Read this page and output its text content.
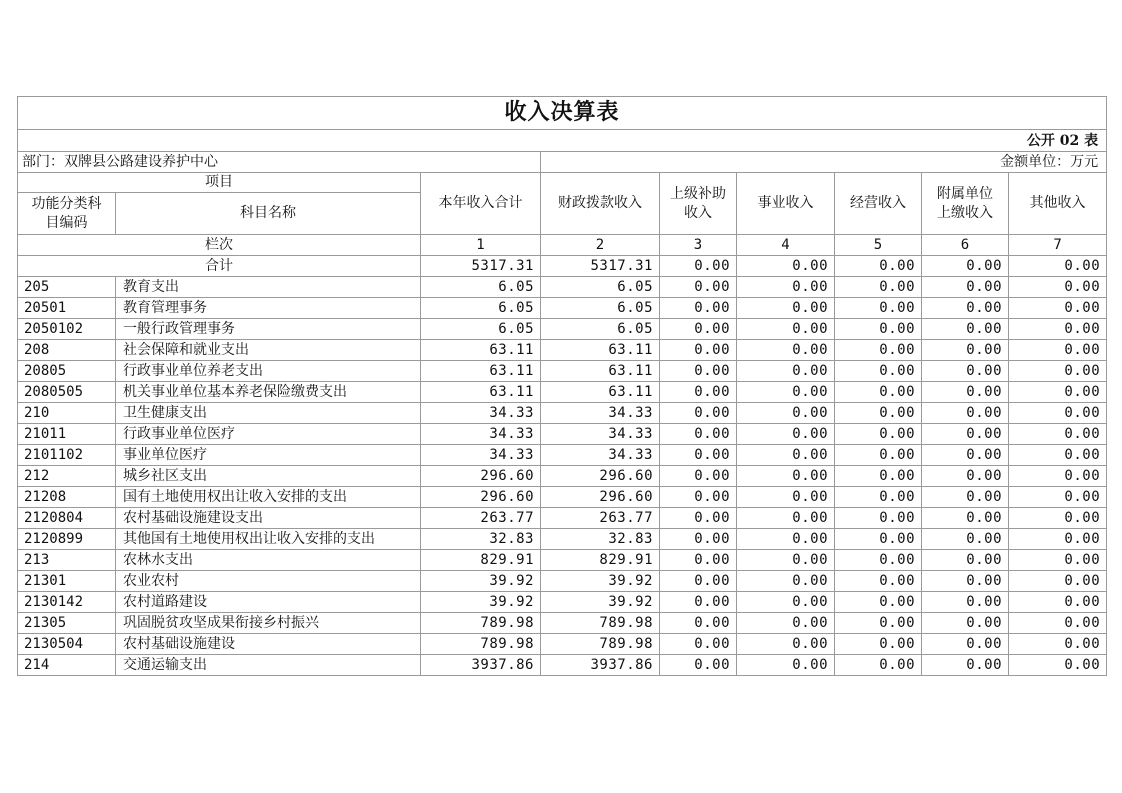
收入决算表								
			公开 02 表					
部门：双牌县公路建设养护中心			金额单位：万元					
项目		本年收入合计	财政拨款收入	上级补助收入	事业收入	经营收入	附属单位上缴收入	其他收入
功能分类科目编码	科目名称							
栏次		1	2	3	4	5	6	7
合计		5317.31	5317.31	0.00	0.00	0.00	0.00	0.00
205	教育支出	6.05	6.05	0.00	0.00	0.00	0.00	0.00
20501	教育管理事务	6.05	6.05	0.00	0.00	0.00	0.00	0.00
2050102	一般行政管理事务	6.05	6.05	0.00	0.00	0.00	0.00	0.00
208	社会保障和就业支出	63.11	63.11	0.00	0.00	0.00	0.00	0.00
20805	行政事业单位养老支出	63.11	63.11	0.00	0.00	0.00	0.00	0.00
2080505	机关事业单位基本养老保险缴费支出	63.11	63.11	0.00	0.00	0.00	0.00	0.00
210	卫生健康支出	34.33	34.33	0.00	0.00	0.00	0.00	0.00
21011	行政事业单位医疗	34.33	34.33	0.00	0.00	0.00	0.00	0.00
2101102	事业单位医疗	34.33	34.33	0.00	0.00	0.00	0.00	0.00
212	城乡社区支出	296.60	296.60	0.00	0.00	0.00	0.00	0.00
21208	国有土地使用权出让收入安排的支出	296.60	296.60	0.00	0.00	0.00	0.00	0.00
2120804	农村基础设施建设支出	263.77	263.77	0.00	0.00	0.00	0.00	0.00
2120899	其他国有土地使用权出让收入安排的支出	32.83	32.83	0.00	0.00	0.00	0.00	0.00
213	农林水支出	829.91	829.91	0.00	0.00	0.00	0.00	0.00
21301	农业农村	39.92	39.92	0.00	0.00	0.00	0.00	0.00
2130142	农村道路建设	39.92	39.92	0.00	0.00	0.00	0.00	0.00
21305	巩固脱贫攻坚成果衔接乡村振兴	789.98	789.98	0.00	0.00	0.00	0.00	0.00
2130504	农村基础设施建设	789.98	789.98	0.00	0.00	0.00	0.00	0.00
214	交通运输支出	3937.86	3937.86	0.00	0.00	0.00	0.00	0.00
